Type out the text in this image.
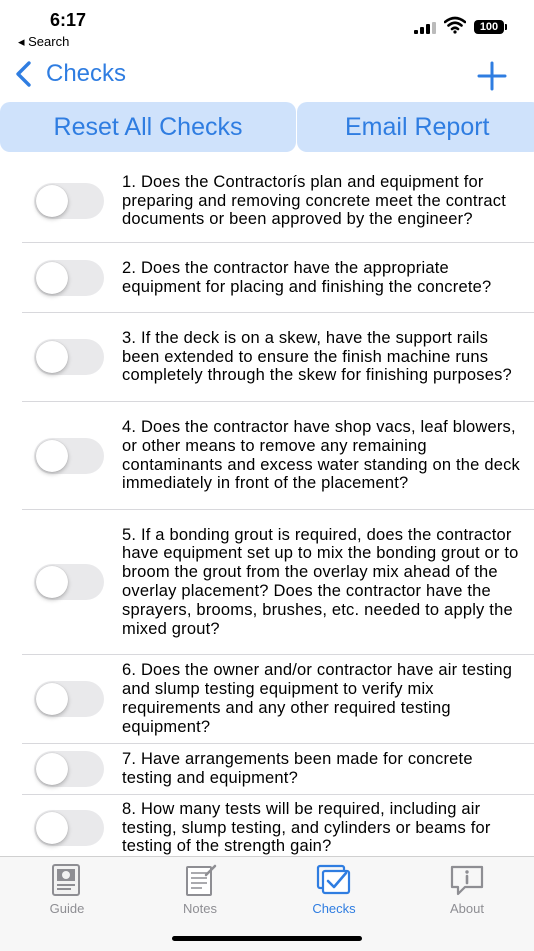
6:17
◂ Search
100
Checks
Reset All Checks	Email Report
1. Does the Contractorís plan and equipment for preparing and removing concrete meet the contract documents or been approved by the engineer?
2. Does the contractor have the appropriate equipment for placing and finishing the concrete?
3. If the deck is on a skew, have the support rails been extended to ensure the finish machine runs completely through the skew for finishing purposes?
4. Does the contractor have shop vacs, leaf blowers, or other means to remove any remaining contaminants and excess water standing on the deck immediately in front of the placement?
5. If a bonding grout is required, does the contractor have equipment set up to mix the bonding grout or to broom the grout from the overlay mix ahead of the overlay placement? Does the contractor have the sprayers, brooms, brushes, etc. needed to apply the mixed grout?
6. Does the owner and/or contractor have air testing and slump testing equipment to verify mix requirements and any other required testing equipment?
7. Have arrangements been made for concrete testing and equipment?
8. How many tests will be required, including air testing, slump testing, and cylinders or beams for testing of the strength gain?
Guide	Notes	Checks	About
